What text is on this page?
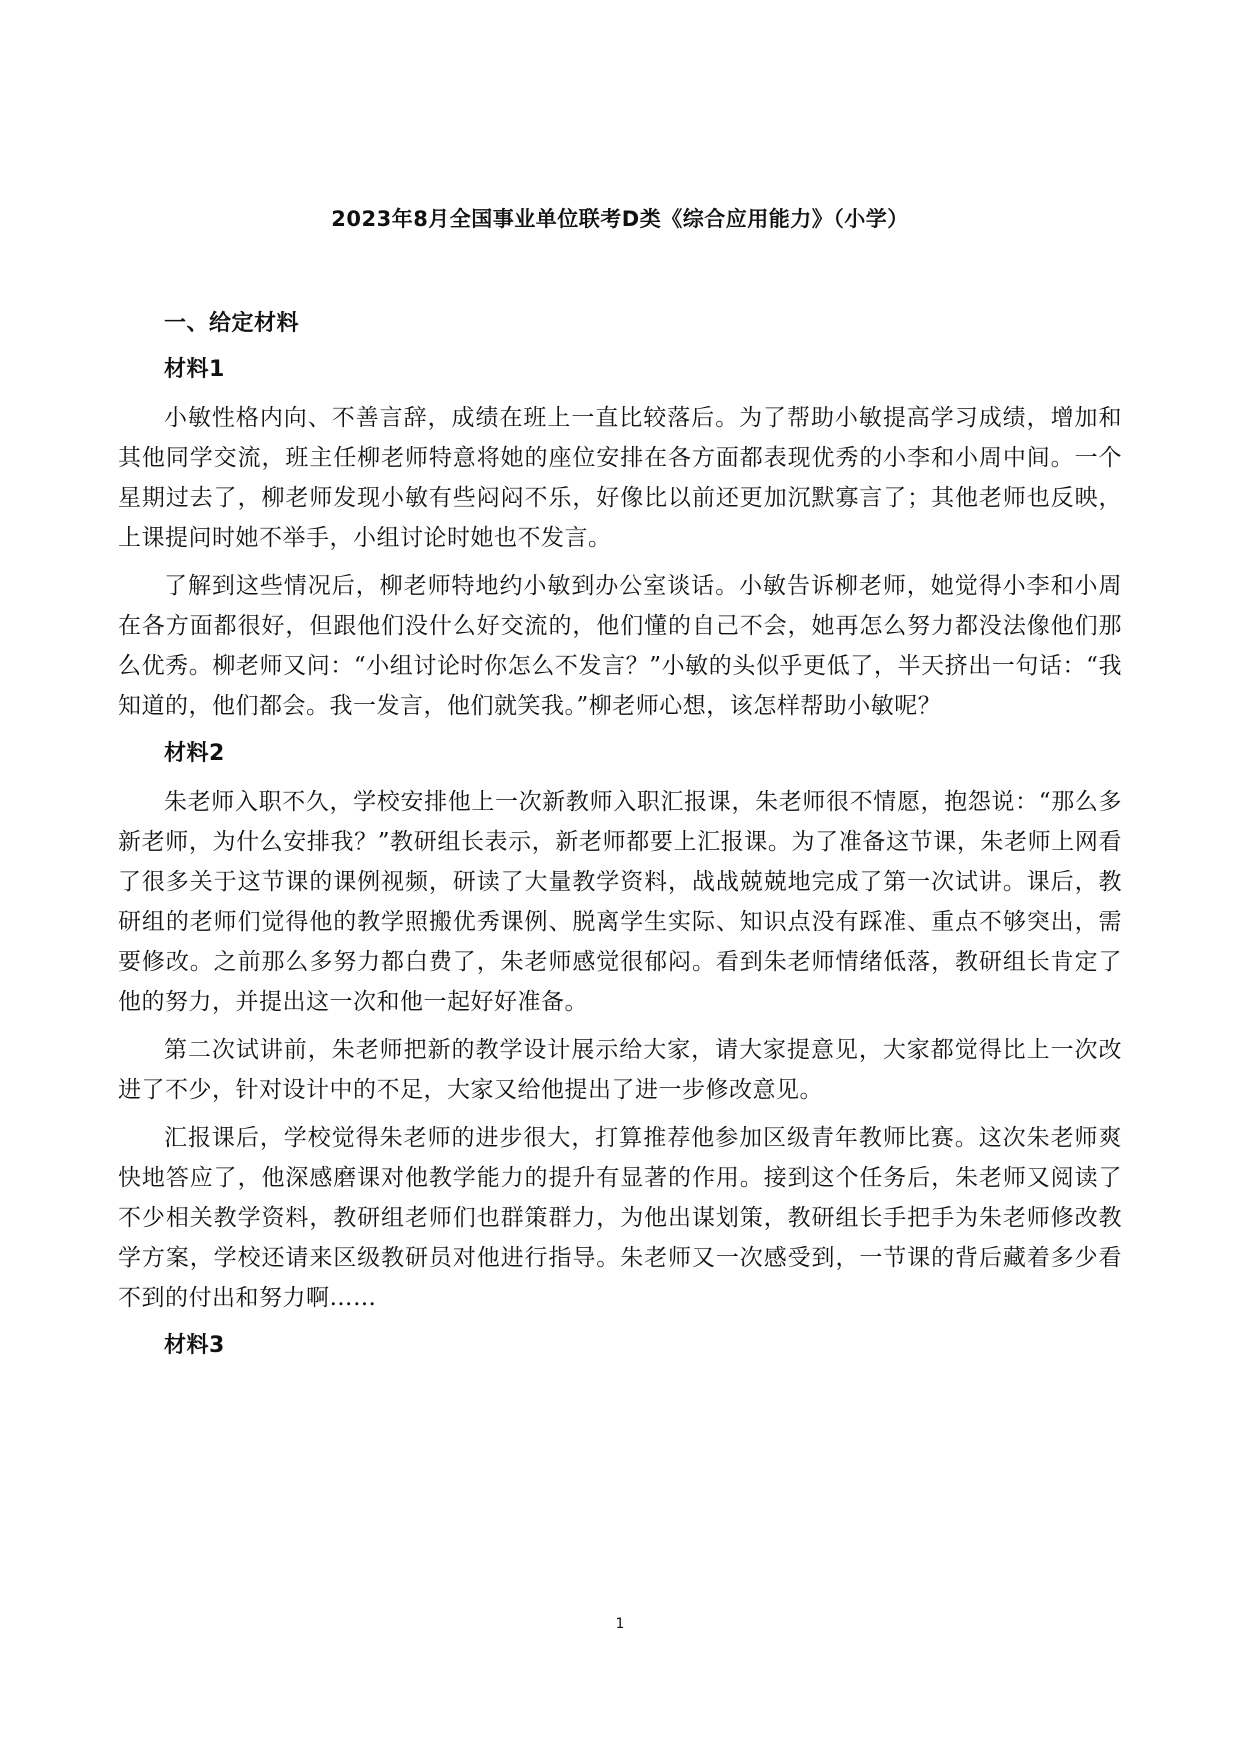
2023年8月全国事业单位联考D类《综合应用能力》（小学）
一、给定材料
材料1

小敏性格内向、不善言辞，成绩在班上一直比较落后。为了帮助小敏提高学习成绩，增加和其他同学交流，班主任柳老师特意将她的座位安排在各方面都表现优秀的小李和小周中间。一个星期过去了，柳老师发现小敏有些闷闷不乐，好像比以前还更加沉默寡言了；其他老师也反映，上课提问时她不举手，小组讨论时她也不发言。

了解到这些情况后，柳老师特地约小敏到办公室谈话。小敏告诉柳老师，她觉得小李和小周在各方面都很好，但跟他们没什么好交流的，他们懂的自己不会，她再怎么努力都没法像他们那么优秀。柳老师又问：“小组讨论时你怎么不发言？”小敏的头似乎更低了，半天挤出一句话：“我知道的，他们都会。我一发言，他们就笑我。”柳老师心想，该怎样帮助小敏呢？

材料2

朱老师入职不久，学校安排他上一次新教师入职汇报课，朱老师很不情愿，抱怨说：“那么多新老师，为什么安排我？”教研组长表示，新老师都要上汇报课。为了准备这节课，朱老师上网看了很多关于这节课的课例视频，研读了大量教学资料，战战兢兢地完成了第一次试讲。课后，教研组的老师们觉得他的教学照搬优秀课例、脱离学生实际、知识点没有踩准、重点不够突出，需要修改。之前那么多努力都白费了，朱老师感觉很郁闷。看到朱老师情绪低落，教研组长肯定了他的努力，并提出这一次和他一起好好准备。

第二次试讲前，朱老师把新的教学设计展示给大家，请大家提意见，大家都觉得比上一次改进了不少，针对设计中的不足，大家又给他提出了进一步修改意见。

汇报课后，学校觉得朱老师的进步很大，打算推荐他参加区级青年教师比赛。这次朱老师爽快地答应了，他深感磨课对他教学能力的提升有显著的作用。接到这个任务后，朱老师又阅读了不少相关教学资料，教研组老师们也群策群力，为他出谋划策，教研组长手把手为朱老师修改教学方案，学校还请来区级教研员对他进行指导。朱老师又一次感受到，一节课的背后藏着多少看不到的付出和努力啊……

材料3
1
